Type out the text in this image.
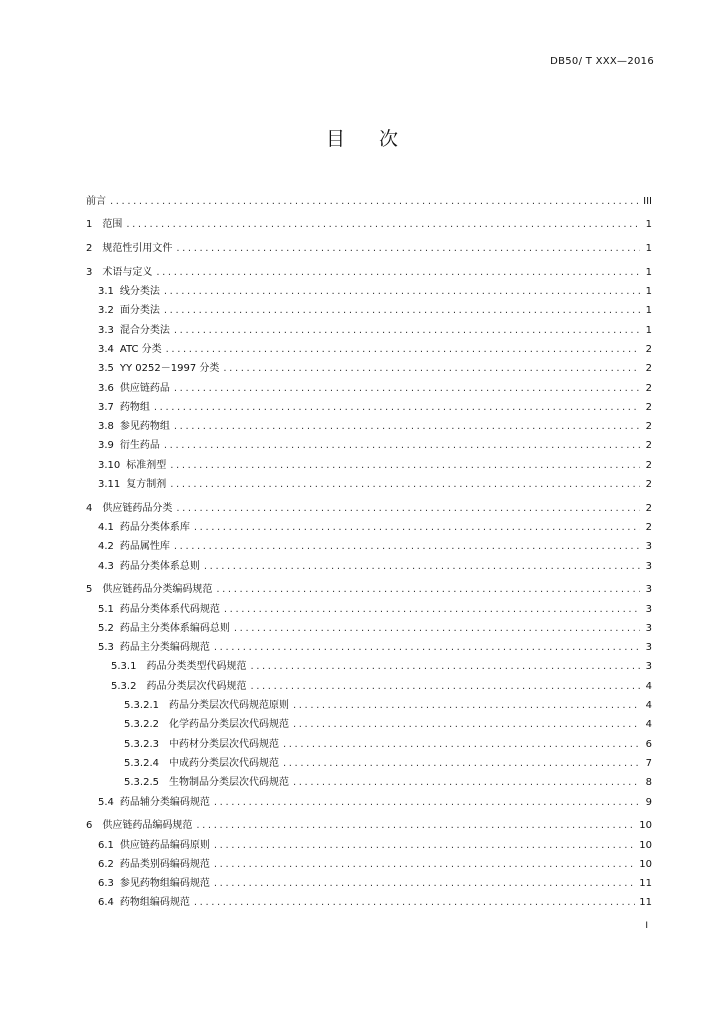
DB50/ T XXX—2016
目 次
前言 .....	III
1 范围 .....	1
2 规范性引用文件 .....	1
3 术语与定义 .....	1
3.1 线分类法 .....	1
3.2 面分类法 .....	1
3.3 混合分类法 .....	1
3.4 ATC 分类 .....	2
3.5 YY 0252－1997 分类 .....	2
3.6 供应链药品 .....	2
3.7 药物组 .....	2
3.8 参见药物组 .....	2
3.9 衍生药品 .....	2
3.10 标准剂型 .....	2
3.11 复方制剂 .....	2
4 供应链药品分类 .....	2
4.1 药品分类体系库 .....	2
4.2 药品属性库 .....	3
4.3 药品分类体系总则 .....	3
5 供应链药品分类编码规范 .....	3
5.1 药品分类体系代码规范 .....	3
5.2 药品主分类体系编码总则 .....	3
5.3 药品主分类编码规范 .....	3
5.3.1 药品分类类型代码规范 .....	3
5.3.2 药品分类层次代码规范 .....	4
5.3.2.1 药品分类层次代码规范原则 .....	4
5.3.2.2 化学药品分类层次代码规范 .....	4
5.3.2.3 中药材分类层次代码规范 .....	6
5.3.2.4 中成药分类层次代码规范 .....	7
5.3.2.5 生物制品分类层次代码规范 .....	8
5.4 药品辅分类编码规范 .....	9
6 供应链药品编码规范 .....	10
6.1 供应链药品编码原则 .....	10
6.2 药品类别码编码规范 .....	10
6.3 参见药物组编码规范 .....	11
6.4 药物组编码规范 .....	11
I
